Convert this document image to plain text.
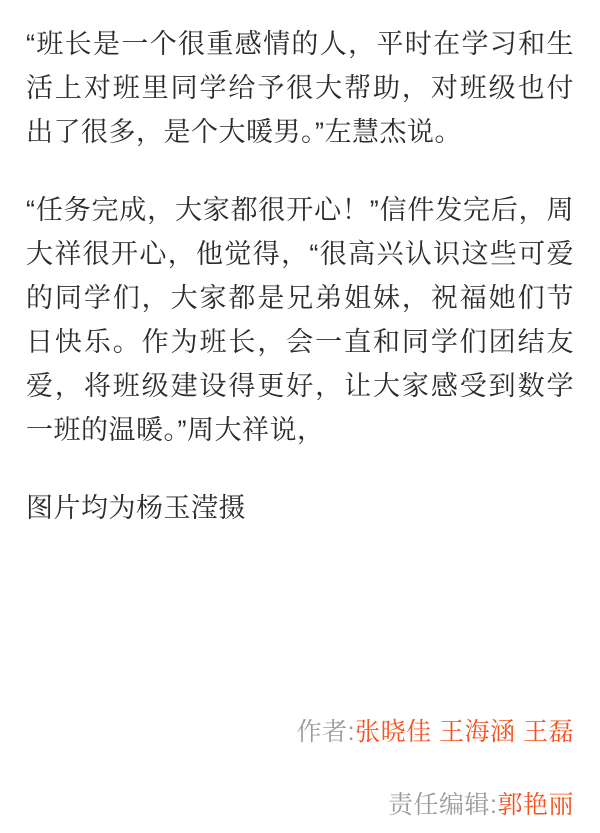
“班长是一个很重感情的人，平时在学习和生活上对班里同学给予很大帮助，对班级也付出了很多，是个大暖男。”左慧杰说。

“任务完成，大家都很开心！”信件发完后，周大祥很开心，他觉得，“很高兴认识这些可爱的同学们，大家都是兄弟姐妹，祝福她们节日快乐。作为班长，会一直和同学们团结友爱，将班级建设得更好，让大家感受到数学一班的温暖。”周大祥说，

图片均为杨玉滢摄

作者:张晓佳 王海涵 王磊
责任编辑:郭艳丽
